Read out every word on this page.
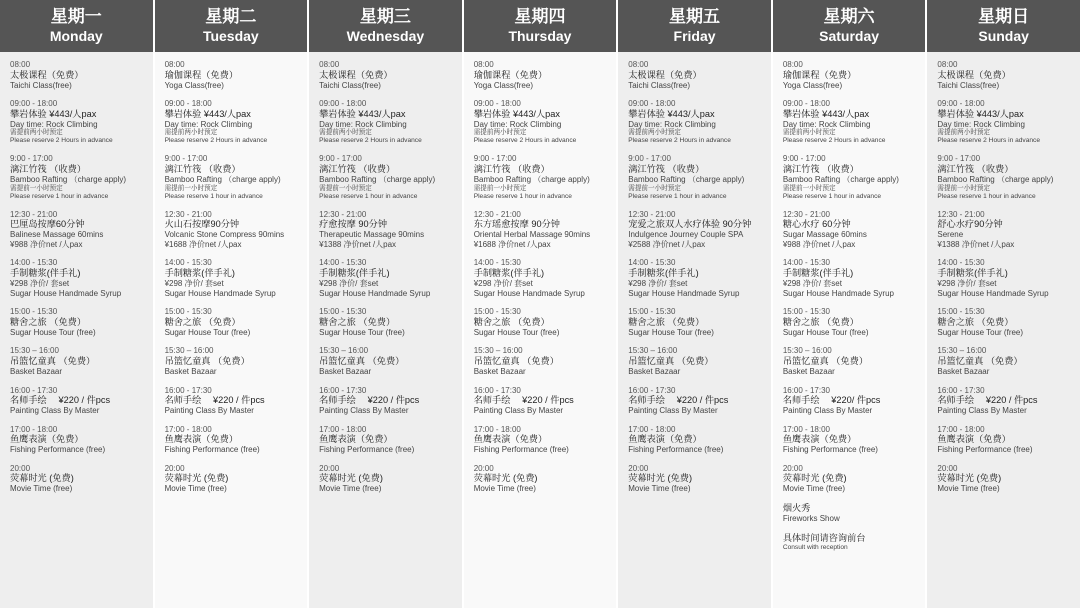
星期一
Monday
08:00
太极课程（免费）
Taichi Class(free)
09:00 - 18:00
攀岩体验 ¥443/人pax
Day time: Rock Climbing
需提前两小时预定
Please reserve 2 Hours in advance
9:00 - 17:00
漓江竹筏 （收费）
Bamboo Rafting （charge apply)
需提前一小时预定
Please reserve 1 hour in advance
12:30 - 21:00
巴厘岛按摩60分钟
Balinese Massage 60mins
¥988 净价net /人pax
14:00 - 15:30
手制糖浆(伴手礼)
¥298 净价/ 套set
Sugar House Handmade Syrup
15:00 - 15:30
糖舍之旅 （免费）
Sugar House Tour (free)
15:30 – 16:00
吊篮忆童真 （免费）
Basket Bazaar
16:00 - 17:30
名师手绘　 ¥220 / 件pcs
Painting Class By Master
17:00 - 18:00
鱼鹰表演（免费）
Fishing Performance (free)
20:00
荧幕时光 (免费)
Movie Time (free)
星期二
Tuesday
08:00
瑜伽课程（免费）
Yoga Class(free)
09:00 - 18:00
攀岩体验 ¥443/人pax
Day time: Rock Climbing
需提前两小时预定
Please reserve 2 Hours in advance
9:00 - 17:00
漓江竹筏 （收费）
Bamboo Rafting （charge apply)
需提前一小时预定
Please reserve 1 hour in advance
12:30 - 21:00
火山石按摩90分钟
Volcanic Stone Compress 90mins
¥1688 净价net /人pax
14:00 - 15:30
手制糖浆(伴手礼)
¥298 净价/ 套set
Sugar House Handmade Syrup
15:00 - 15:30
糖舍之旅 （免费）
Sugar House Tour (free)
15:30 – 16:00
吊篮忆童真 （免费）
Basket Bazaar
16:00 - 17:30
名师手绘　 ¥220 / 件pcs
Painting Class By Master
17:00 - 18:00
鱼鹰表演（免费）
Fishing Performance (free)
20:00
荧幕时光 (免费)
Movie Time (free)
星期三
Wednesday
08:00
太极课程（免费）
Taichi Class(free)
09:00 - 18:00
攀岩体验 ¥443/人pax
Day time: Rock Climbing
需提前两小时预定
Please reserve 2 Hours in advance
9:00 - 17:00
漓江竹筏 （收费）
Bamboo Rafting （charge apply)
需提前一小时预定
Please reserve 1 hour in advance
12:30 - 21:00
疗愈按摩 90分钟
Therapeutic Massage 90mins
¥1388 净价net /人pax
14:00 - 15:30
手制糖浆(伴手礼)
¥298 净价/ 套set
Sugar House Handmade Syrup
15:00 - 15:30
糖舍之旅 （免费）
Sugar House Tour (free)
15:30 – 16:00
吊篮忆童真 （免费）
Basket Bazaar
16:00 - 17:30
名师手绘　 ¥220 / 件pcs
Painting Class By Master
17:00 - 18:00
鱼鹰表演（免费）
Fishing Performance (free)
20:00
荧幕时光 (免费)
Movie Time (free)
星期四
Thursday
08:00
瑜伽课程（免费）
Yoga Class(free)
09:00 - 18:00
攀岩体验 ¥443/人pax
Day time: Rock Climbing
需提前两小时预定
Please reserve 2 Hours in advance
9:00 - 17:00
漓江竹筏 （收费）
Bamboo Rafting （charge apply)
需提前一小时预定
Please reserve 1 hour in advance
12:30 - 21:00
东方瑶愈按摩 90分钟
Oriental Herbal Massage 90mins
¥1688 净价net /人pax
14:00 - 15:30
手制糖浆(伴手礼)
¥298 净价/ 套set
Sugar House Handmade Syrup
15:00 - 15:30
糖舍之旅 （免费）
Sugar House Tour (free)
15:30 – 16:00
吊篮忆童真 （免费）
Basket Bazaar
16:00 - 17:30
名师手绘　 ¥220 / 件pcs
Painting Class By Master
17:00 - 18:00
鱼鹰表演（免费）
Fishing Performance (free)
20:00
荧幕时光 (免费)
Movie Time (free)
星期五
Friday
08:00
太极课程（免费）
Taichi Class(free)
09:00 - 18:00
攀岩体验 ¥443/人pax
Day time: Rock Climbing
需提前两小时预定
Please reserve 2 Hours in advance
9:00 - 17:00
漓江竹筏 （收费）
Bamboo Rafting （charge apply)
需提前一小时预定
Please reserve 1 hour in advance
12:30 - 21:00
宠爱之旅双人水疗体验 90分钟
Indulgence Journey Couple SPA
¥2588 净价net /人pax
14:00 - 15:30
手制糖浆(伴手礼)
¥298 净价/ 套set
Sugar House Handmade Syrup
15:00 - 15:30
糖舍之旅 （免费）
Sugar House Tour (free)
15:30 – 16:00
吊篮忆童真 （免费）
Basket Bazaar
16:00 - 17:30
名师手绘　 ¥220 / 件pcs
Painting Class By Master
17:00 - 18:00
鱼鹰表演（免费）
Fishing Performance (free)
20:00
荧幕时光 (免费)
Movie Time (free)
星期六
Saturday
08:00
瑜伽课程（免费）
Yoga Class(free)
09:00 - 18:00
攀岩体验 ¥443/人pax
Day time: Rock Climbing
需提前两小时预定
Please reserve 2 Hours in advance
9:00 - 17:00
漓江竹筏 （收费）
Bamboo Rafting （charge apply)
需提前一小时预定
Please reserve 1 hour in advance
12:30 - 21:00
糖心水疗 60分钟
Sugar Massage 60mins
¥988 净价net /人pax
14:00 - 15:30
手制糖浆(伴手礼)
¥298 净价/ 套set
Sugar House Handmade Syrup
15:00 - 15:30
糖舍之旅 （免费）
Sugar House Tour (free)
15:30 – 16:00
吊篮忆童真 （免费）
Basket Bazaar
16:00 - 17:30
名师手绘　 ¥220/ 件pcs
Painting Class By Master
17:00 - 18:00
鱼鹰表演（免费）
Fishing Performance (free)
20:00
荧幕时光 (免费)
Movie Time (free)
烟火秀
Fireworks Show
具体时间请咨询前台
Consult with reception
星期日
Sunday
08:00
太极课程（免费）
Taichi Class(free)
09:00 - 18:00
攀岩体验 ¥443/人pax
Day time: Rock Climbing
需提前两小时预定
Please reserve 2 Hours in advance
9:00 - 17:00
漓江竹筏 （收费）
Bamboo Rafting （charge apply)
需提前一小时预定
Please reserve 1 hour in advance
12:30 - 21:00
舒心水疗90分钟
Serene
¥1388 净价net /人pax
14:00 - 15:30
手制糖浆(伴手礼)
¥298 净价/ 套set
Sugar House Handmade Syrup
15:00 - 15:30
糖舍之旅 （免费）
Sugar House Tour (free)
15:30 – 16:00
吊篮忆童真 （免费）
Basket Bazaar
16:00 - 17:30
名师手绘　 ¥220 / 件pcs
Painting Class By Master
17:00 - 18:00
鱼鹰表演（免费）
Fishing Performance (free)
20:00
荧幕时光 (免费)
Movie Time (free)
